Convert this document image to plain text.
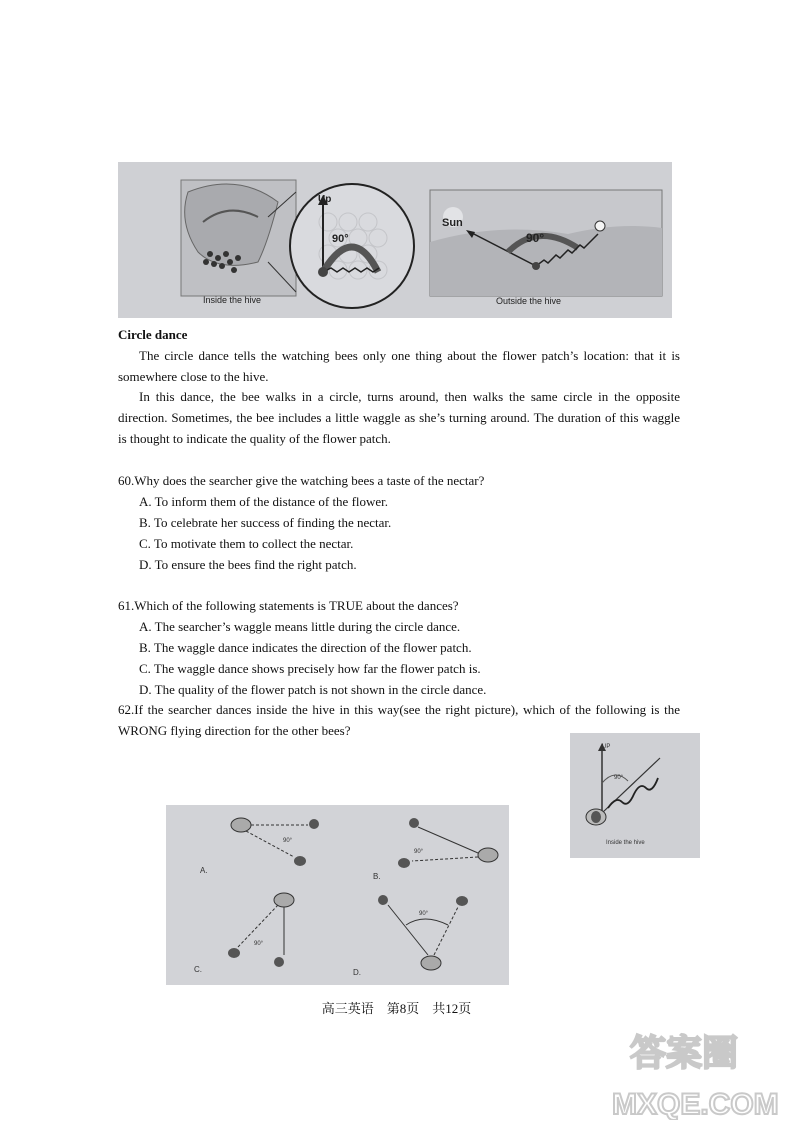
Up
90°
Inside the hive
Sun
90°
Outside the hive
Circle dance

The circle dance tells the watching bees only one thing about the flower patch’s location: that it is somewhere close to the hive.

In this dance, the bee walks in a circle, turns around, then walks the same circle in the opposite direction. Sometimes, the bee includes a little waggle as she’s turning around. The duration of this waggle is thought to indicate the quality of the flower patch.

60.Why does the searcher give the watching bees a taste of the nectar?
A. To inform them of the distance of the flower.
B. To celebrate her success of finding the nectar.
C. To motivate them to collect the nectar.
D. To ensure the bees find the right patch.
61.Which of the following statements is TRUE about the dances?
A. The searcher’s waggle means little during the circle dance.
B. The waggle dance indicates the direction of the flower patch.
C. The waggle dance shows precisely how far the flower patch is.
D. The quality of the flower patch is not shown in the circle dance.

62.If the searcher dances inside the hive in this way(see the right picture), which of the following is the WRONG flying direction for the other bees?

UP
90°
Inside the hive
90°
A.
90°
B.
90°
C.
90°
D.
高三英语　第8页　共12页
答案圈
MXQE.COM
